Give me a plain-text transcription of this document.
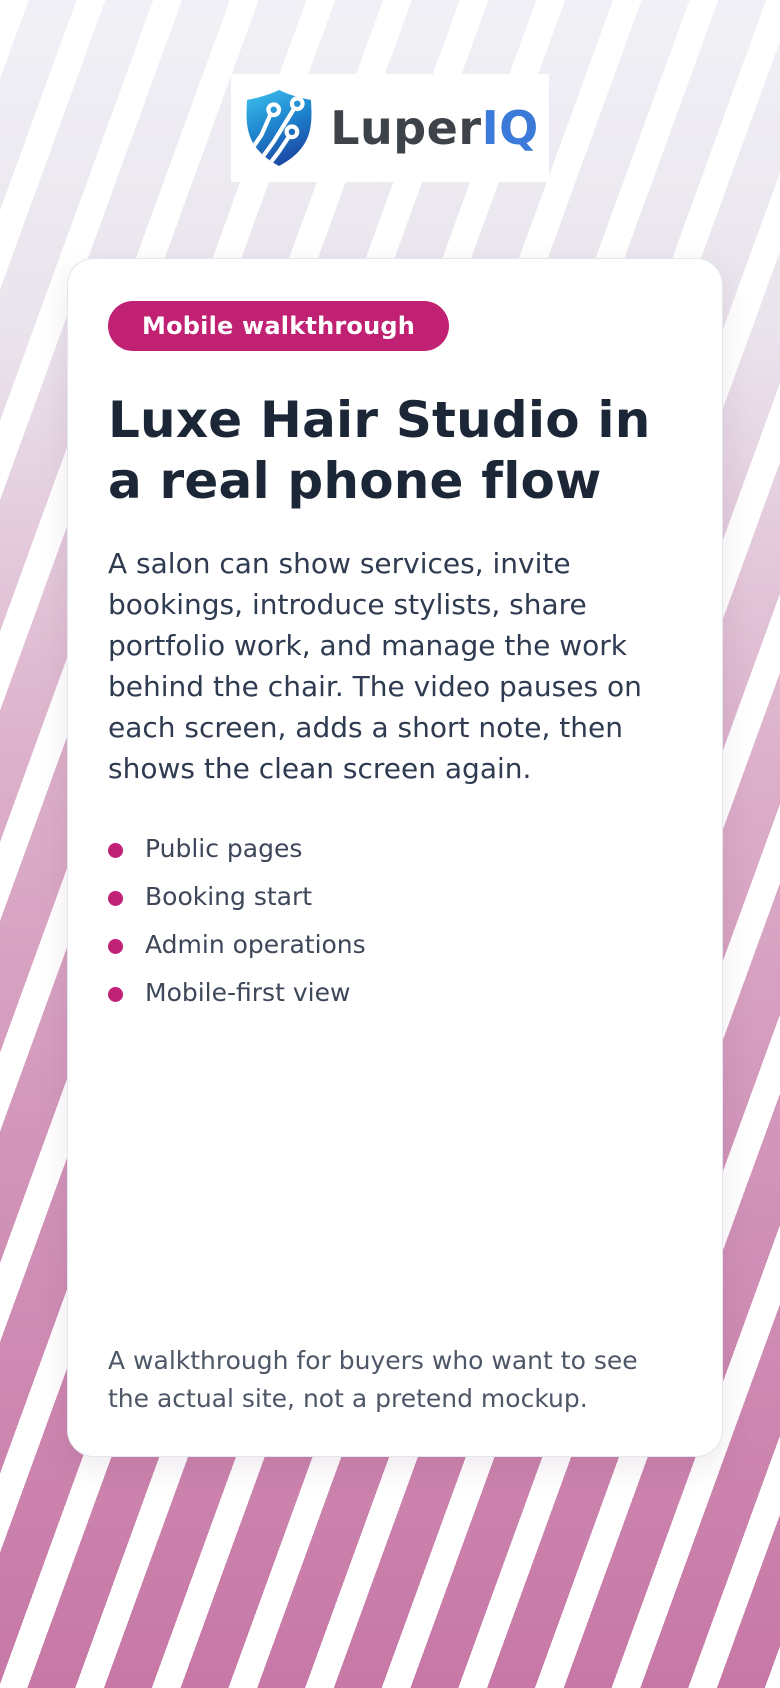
LuperIQ
Mobile walkthrough
Luxe Hair Studio in a real phone flow

A salon can show services, invite bookings, introduce stylists, share portfolio work, and manage the work behind the chair. The video pauses on each screen, adds a short note, then shows the clean screen again.

Public pages
Booking start
Admin operations
Mobile-first view

A walkthrough for buyers who want to see the actual site, not a pretend mockup.
